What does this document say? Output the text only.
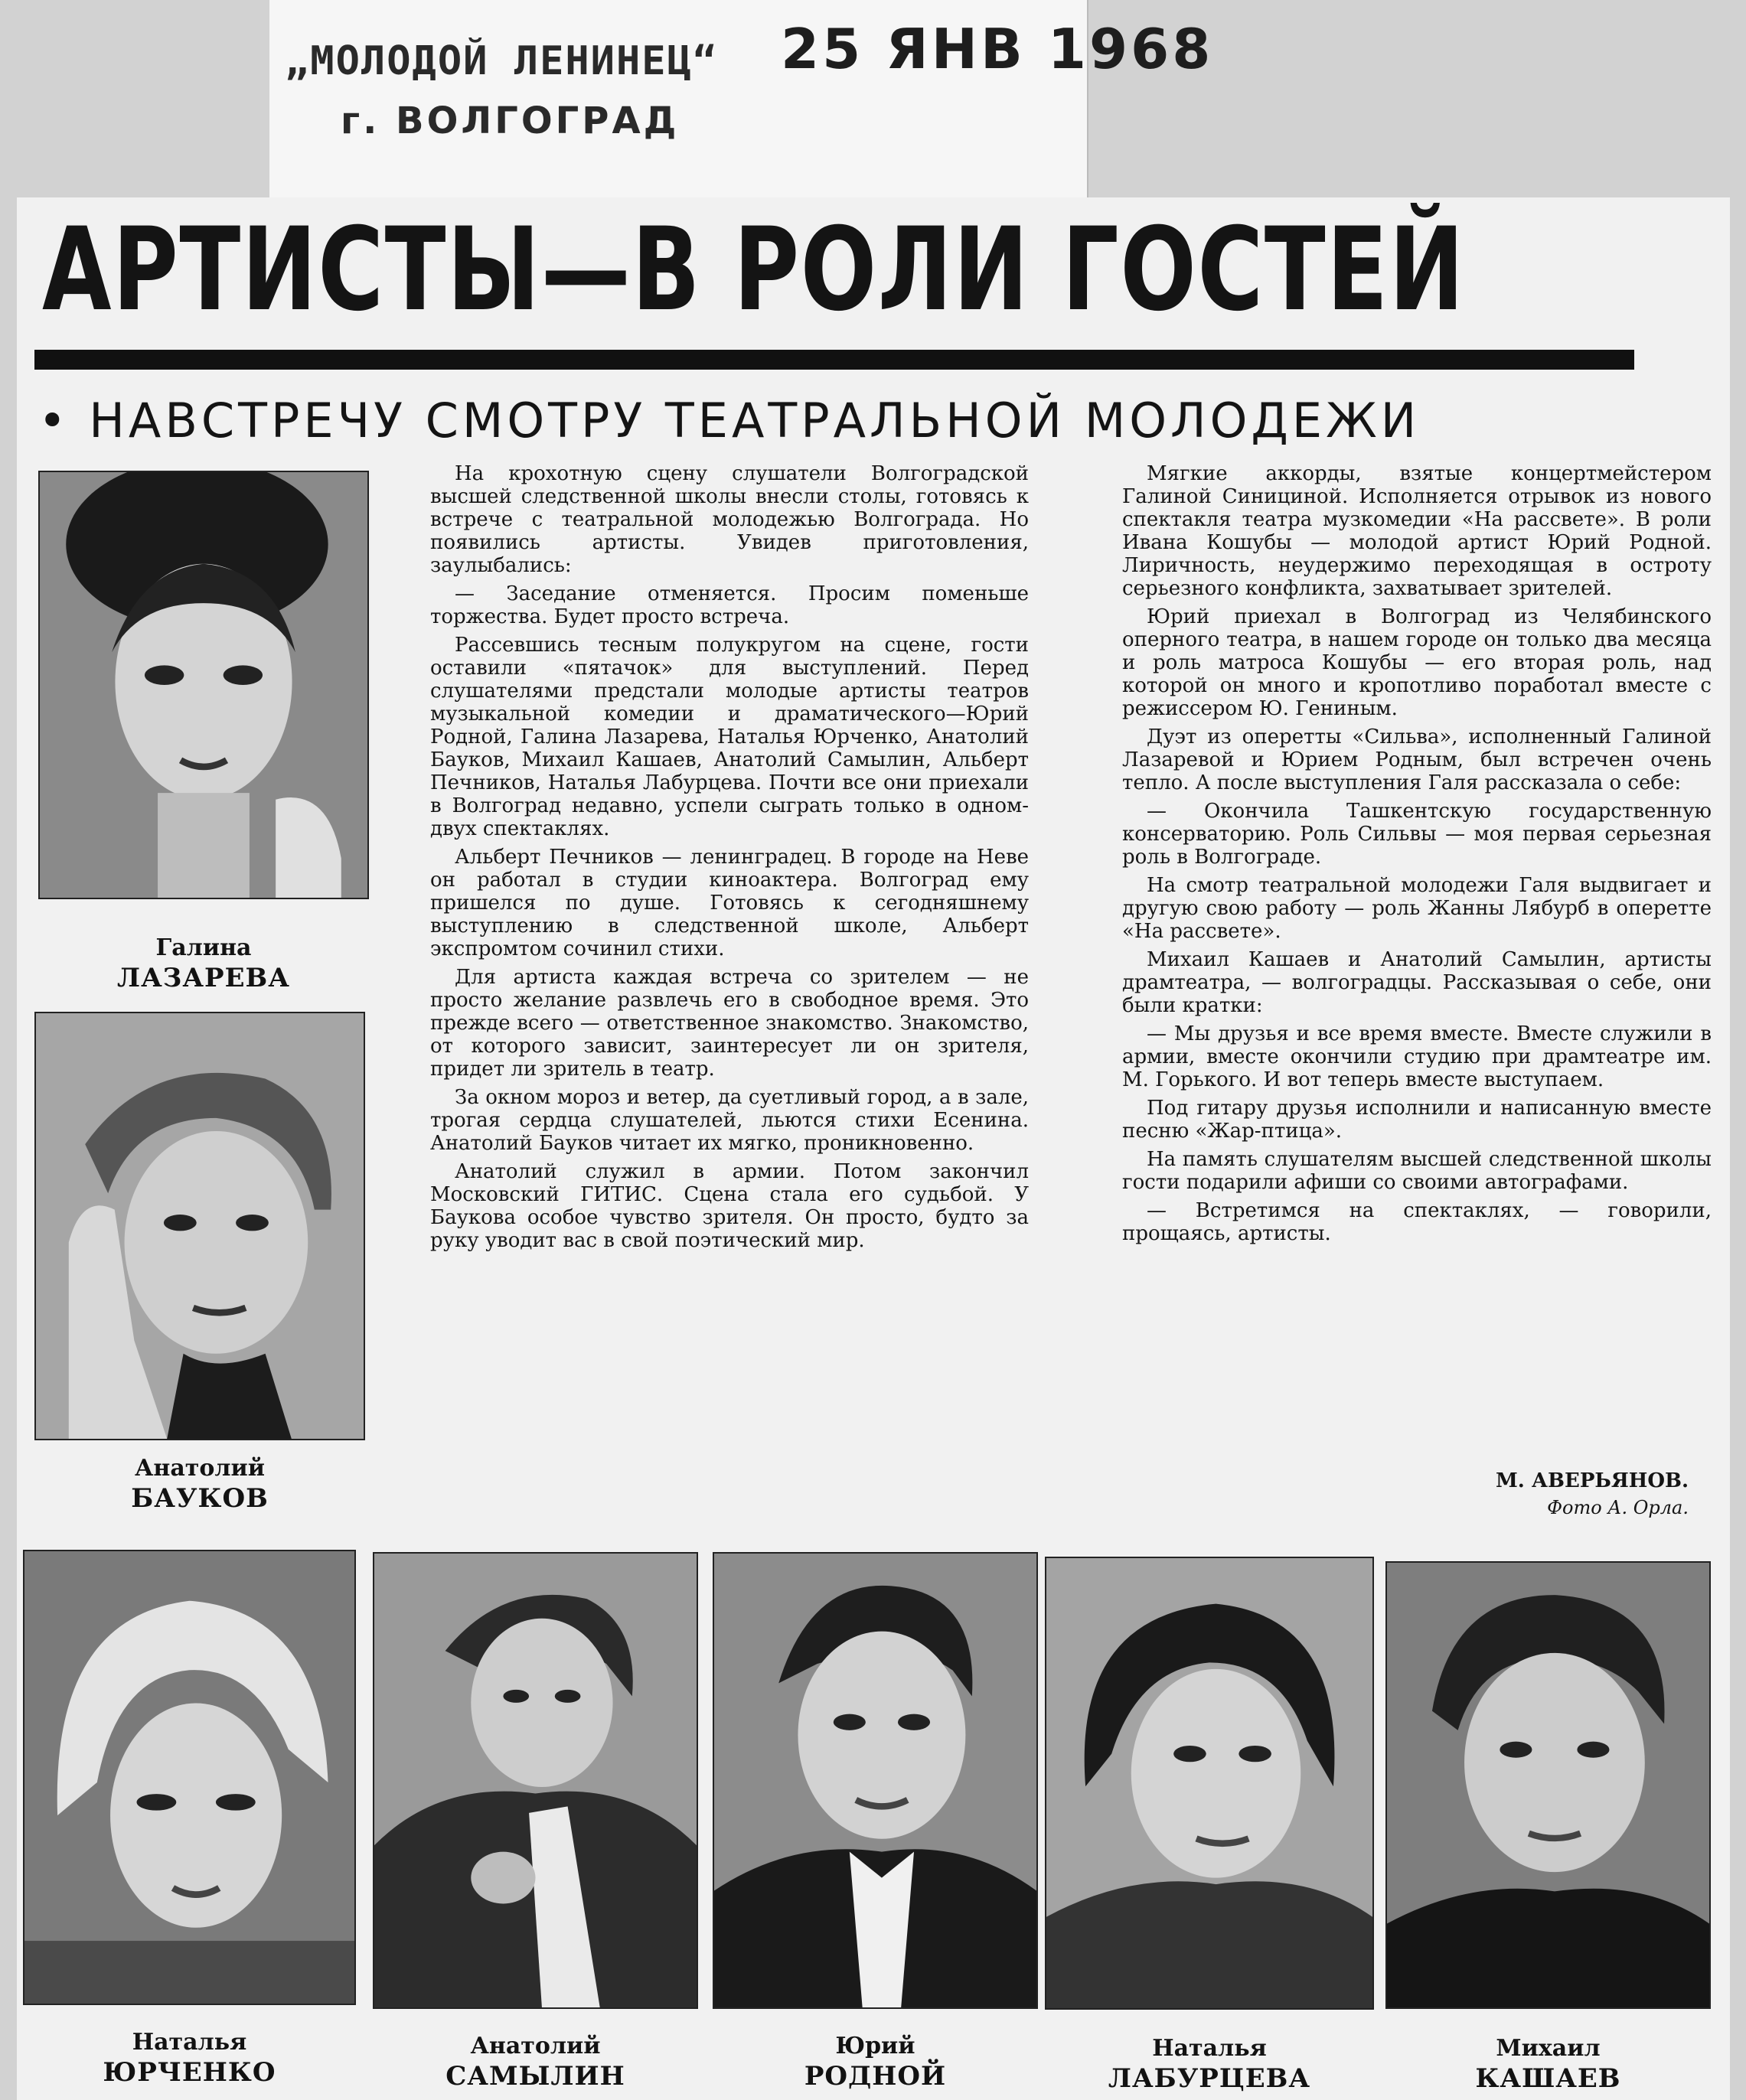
„МОЛОДОЙ ЛЕНИНЕЦ“
г. ВОЛГОГРАД
25 ЯНВ 1968
АРТИСТЫ—В РОЛИ ГОСТЕЙ
• НАВСТРЕЧУ СМОТРУ ТЕАТРАЛЬНОЙ МОЛОДЕЖИ
Галина
ЛАЗАРЕВА
Анатолий
БАУКОВ

На крохотную сцену слушатели Волгоградской высшей следственной школы внесли столы, готовясь к встрече с театральной молодежью Волгограда. Но появились артисты. Увидев приготовления, заулыбались:

— Заседание отменяется. Просим поменьше торжества. Будет просто встреча.

Рассевшись тесным полукругом на сцене, гости оставили «пятачок» для выступлений. Перед слушателями предстали молодые артисты театров музыкальной комедии и драматического—Юрий Родной, Галина Лазарева, Наталья Юрченко, Анатолий Бауков, Михаил Кашаев, Анатолий Самылин, Альберт Печников, Наталья Лабурцева. Почти все они приехали в Волгоград недавно, успели сыграть только в одном-двух спектаклях.

Альберт Печников — ленинградец. В городе на Неве он работал в студии киноактера. Волгоград ему пришелся по душе. Готовясь к сегодняшнему выступлению в следственной школе, Альберт экспромтом сочинил стихи.

Для артиста каждая встреча со зрителем — не просто желание развлечь его в свободное время. Это прежде всего — ответственное знакомство. Знакомство, от которого зависит, заинтересует ли он зрителя, придет ли зритель в театр.

За окном мороз и ветер, да суетливый город, а в зале, трогая сердца слушателей, льются стихи Есенина. Анатолий Бауков читает их мягко, проникновенно.

Анатолий служил в армии. Потом закончил Московский ГИТИС. Сцена стала его судьбой. У Баукова особое чувство зрителя. Он просто, будто за руку уводит вас в свой поэтический мир.

Мягкие аккорды, взятые концертмейстером Галиной Синициной. Исполняется отрывок из нового спектакля театра музкомедии «На рассвете». В роли Ивана Кошубы — молодой артист Юрий Родной. Лиричность, неудержимо переходящая в остроту серьезного конфликта, захватывает зрителей.

Юрий приехал в Волгоград из Челябинского оперного театра, в нашем городе он только два месяца и роль матроса Кошубы — его вторая роль, над которой он много и кропотливо поработал вместе с режиссером Ю. Гениным.

Дуэт из оперетты «Сильва», исполненный Галиной Лазаревой и Юрием Родным, был встречен очень тепло. А после выступления Галя рассказала о себе:

— Окончила Ташкентскую государственную консерваторию. Роль Сильвы — моя первая серьезная роль в Волгограде.

На смотр театральной молодежи Галя выдвигает и другую свою работу — роль Жанны Лябурб в оперетте «На рассвете».

Михаил Кашаев и Анатолий Самылин, артисты драмтеатра, — волгоградцы. Рассказывая о себе, они были кратки:

— Мы друзья и все время вместе. Вместе служили в армии, вместе окончили студию при драмтеатре им. М. Горького. И вот теперь вместе выступаем.

Под гитару друзья исполнили и написанную вместе песню «Жар-птица».

На память слушателям высшей следственной школы гости подарили афиши со своими автографами.

— Встретимся на спектаклях, — говорили, прощаясь, артисты.

М. АВЕРЬЯНОВ.
Фото А. Орла.
Наталья
ЮРЧЕНКО
Анатолий
САМЫЛИН
Юрий
РОДНОЙ
Наталья
ЛАБУРЦЕВА
Михаил
КАШАЕВ
